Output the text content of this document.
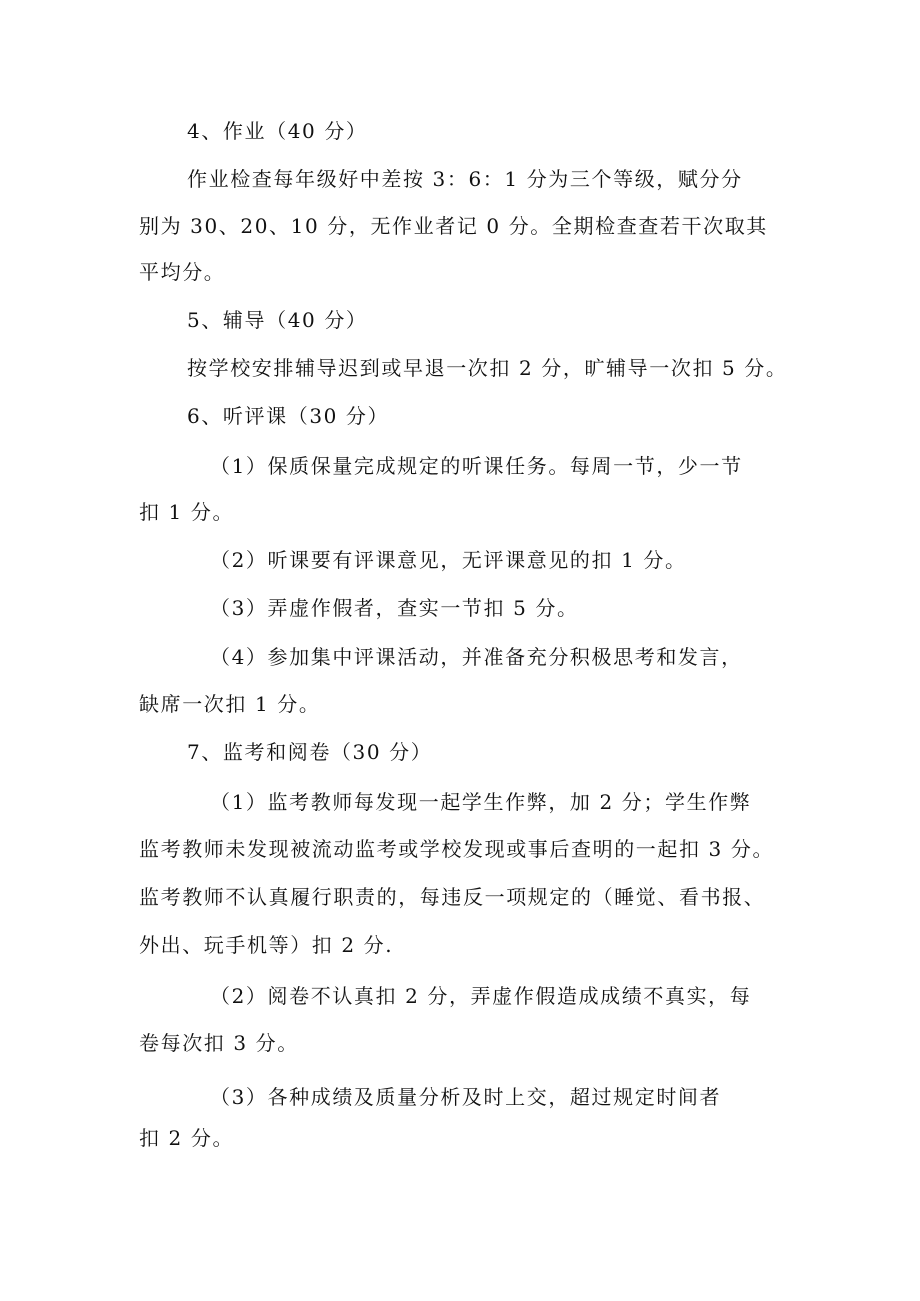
4、作业（40 分）
作业检查每年级好中差按 3：6：1 分为三个等级，赋分分
别为 30、20、10 分，无作业者记 0 分。全期检查查若干次取其
平均分。
5、辅导（40 分）
按学校安排辅导迟到或早退一次扣 2 分，旷辅导一次扣 5 分。
6、听评课（30 分）
（1）保质保量完成规定的听课任务。每周一节，少一节
扣 1 分。
（2）听课要有评课意见，无评课意见的扣 1 分。
（3）弄虚作假者，查实一节扣 5 分。
（4）参加集中评课活动，并准备充分积极思考和发言，
缺席一次扣 1 分。
7、监考和阅卷（30 分）
（1）监考教师每发现一起学生作弊，加 2 分；学生作弊
监考教师未发现被流动监考或学校发现或事后查明的一起扣 3 分。
监考教师不认真履行职责的，每违反一项规定的（睡觉、看书报、
外出、玩手机等）扣 2 分.
（2）阅卷不认真扣 2 分，弄虚作假造成成绩不真实，每
卷每次扣 3 分。
（3）各种成绩及质量分析及时上交，超过规定时间者
扣 2 分。
